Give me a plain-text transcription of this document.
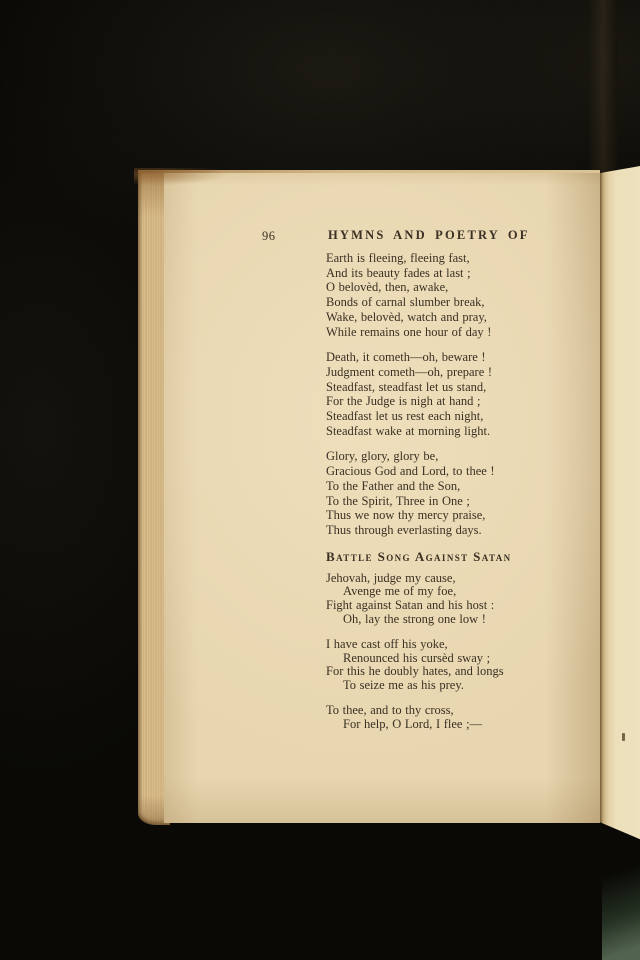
96	HYMNS AND POETRY OF
Earth is fleeing, fleeing fast,
And its beauty fades at last ;
O belovèd, then, awake,
Bonds of carnal slumber break,
Wake, belovèd, watch and pray,
While remains one hour of day !
Death, it cometh—oh, beware !
Judgment cometh—oh, prepare !
Steadfast, steadfast let us stand,
For the Judge is nigh at hand ;
Steadfast let us rest each night,
Steadfast wake at morning light.
Glory, glory, glory be,
Gracious God and Lord, to thee !
To the Father and the Son,
To the Spirit, Three in One ;
Thus we now thy mercy praise,
Thus through everlasting days.
Battle Song Against Satan
Jehovah, judge my cause,
Avenge me of my foe,
Fight against Satan and his host :
Oh, lay the strong one low !
I have cast off his yoke,
Renounced his cursèd sway ;
For this he doubly hates, and longs
To seize me as his prey.
To thee, and to thy cross,
For help, O Lord, I flee ;—
